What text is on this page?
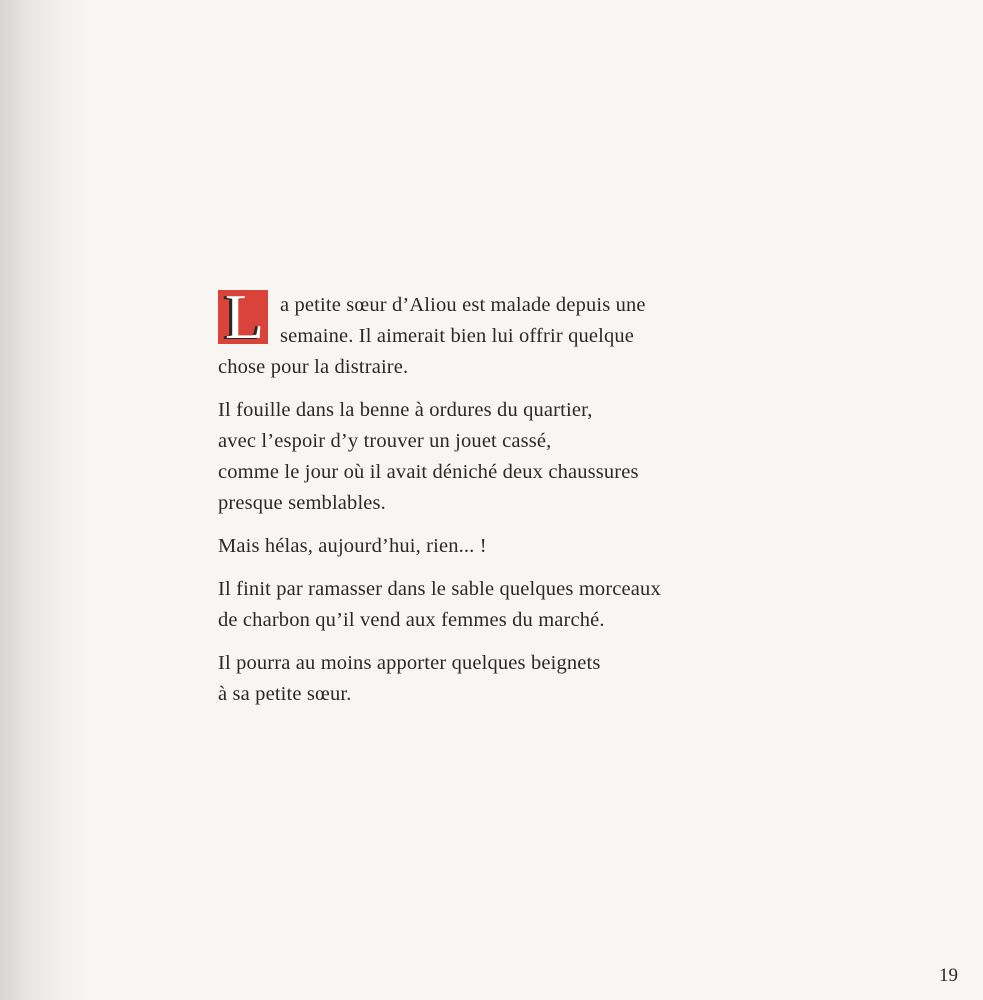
L a petite sœur d’Aliou est malade depuis une
semaine. Il aimerait bien lui offrir quelque
chose pour la distraire.

Il fouille dans la benne à ordures du quartier,
avec l’espoir d’y trouver un jouet cassé,
comme le jour où il avait déniché deux chaussures
presque semblables.

Mais hélas, aujourd’hui, rien... !

Il finit par ramasser dans le sable quelques morceaux
de charbon qu’il vend aux femmes du marché.

Il pourra au moins apporter quelques beignets
à sa petite sœur.

19
